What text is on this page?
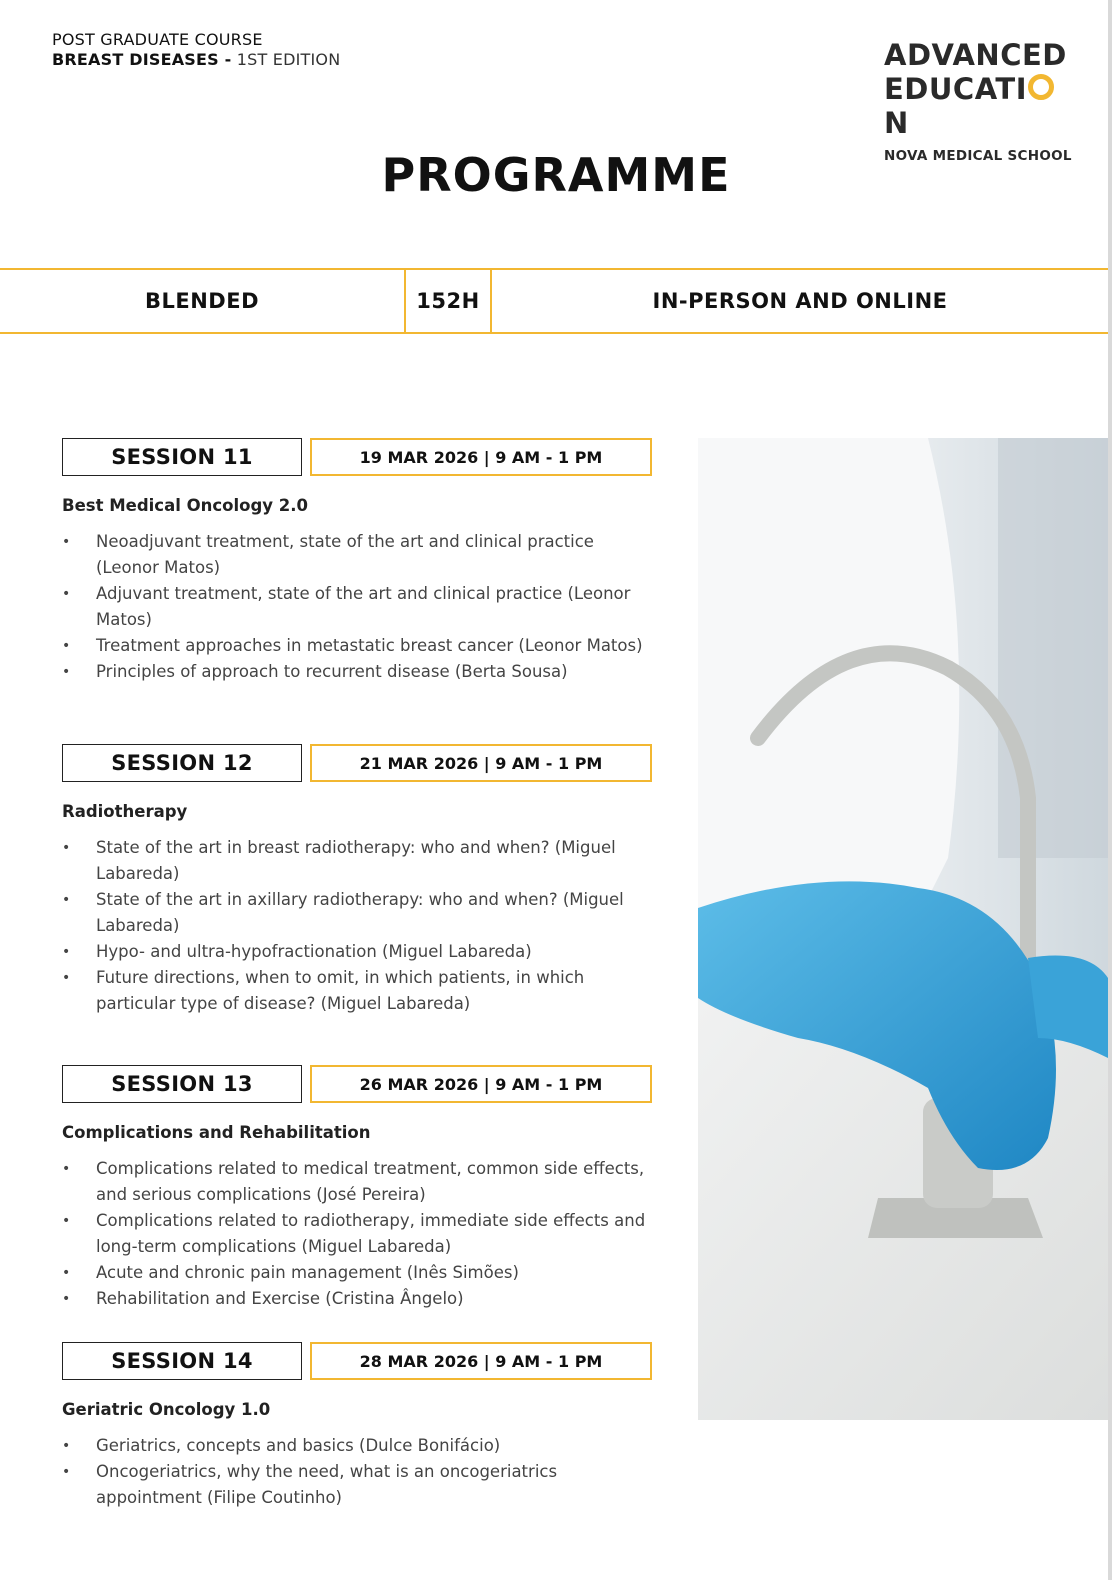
POST GRADUATE COURSE
BREAST DISEASES - 1ST EDITION	ADVANCED
EDUCATIN
NOVA MEDICAL SCHOOL
PROGRAMME
BLENDED	152H	IN-PERSON AND ONLINE
SESSION 11	19 MAR 2026 | 9 AM - 1 PM
Best Medical Oncology 2.0
• Neoadjuvant treatment, state of the art and clinical practice (Leonor Matos)
• Adjuvant treatment, state of the art and clinical practice (Leonor Matos)
• Treatment approaches in metastatic breast cancer (Leonor Matos)
• Principles of approach to recurrent disease (Berta Sousa)
SESSION 12	21 MAR 2026 | 9 AM - 1 PM
Radiotherapy
• State of the art in breast radiotherapy: who and when? (Miguel Labareda)
• State of the art in axillary radiotherapy: who and when? (Miguel Labareda)
• Hypo- and ultra-hypofractionation (Miguel Labareda)
• Future directions, when to omit, in which patients, in which particular type of disease? (Miguel Labareda)
SESSION 13	26 MAR 2026 | 9 AM - 1 PM
Complications and Rehabilitation
• Complications related to medical treatment, common side effects, and serious complications (José Pereira)
• Complications related to radiotherapy, immediate side effects and long-term complications (Miguel Labareda)
• Acute and chronic pain management (Inês Simões)
• Rehabilitation and Exercise (Cristina Ângelo)
SESSION 14	28 MAR 2026 | 9 AM - 1 PM
Geriatric Oncology 1.0
• Geriatrics, concepts and basics (Dulce Bonifácio)
• Oncogeriatrics, why the need, what is an oncogeriatrics appointment (Filipe Coutinho)
